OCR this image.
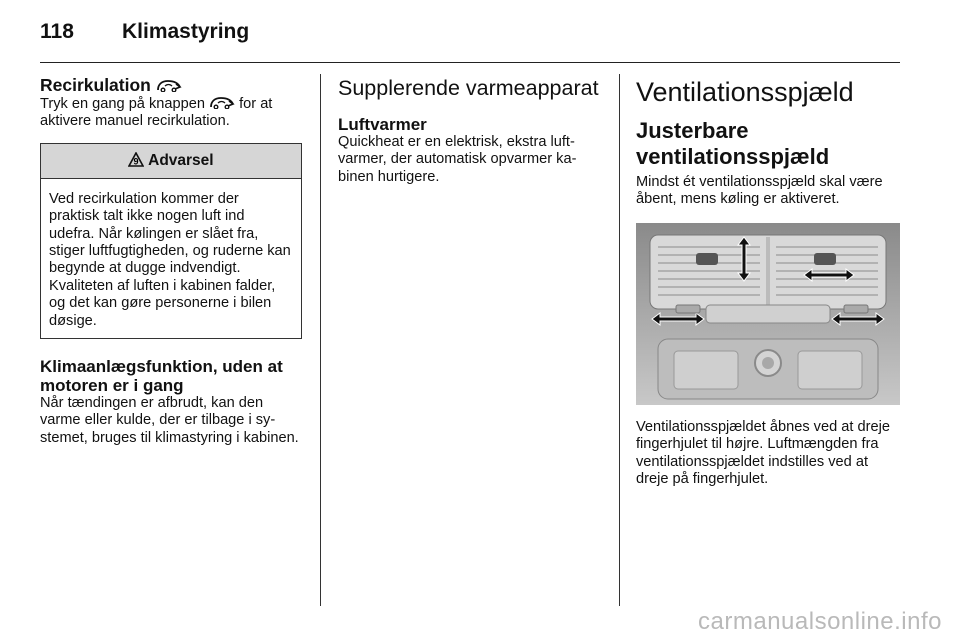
118 Klimastyring
Recirkulation

Tryk en gang på knappen for at aktivere manuel recirkulation.

9 Advarsel
Ved recirkulation kommer der praktisk talt ikke nogen luft ind udefra. Når kølingen er slået fra, stiger luftfugtigheden, og ruderne kan begynde at dugge indvendigt. Kvaliteten af luften i kabinen falder, og det kan gøre personerne i bilen døsige.
Klimaanlægsfunktion, uden at motoren er i gang

Når tændingen er afbrudt, kan den varme eller kulde, der er tilbage i systemet, bruges til klimastyring i kabinen.

Supplerende varmeapparat
Luftvarmer

Quickheat er en elektrisk, ekstra luftvarmer, der automatisk opvarmer kabinen hurtigere.

Ventilationsspjæld
Justerbare ventilationsspjæld

Mindst ét ventilationsspjæld skal være åbent, mens køling er aktiveret.

Ventilationsspjældet åbnes ved at dreje fingerhjulet til højre. Luftmængden fra ventilationsspjældet indstilles ved at dreje på fingerhjulet.

carmanualsonline.info
